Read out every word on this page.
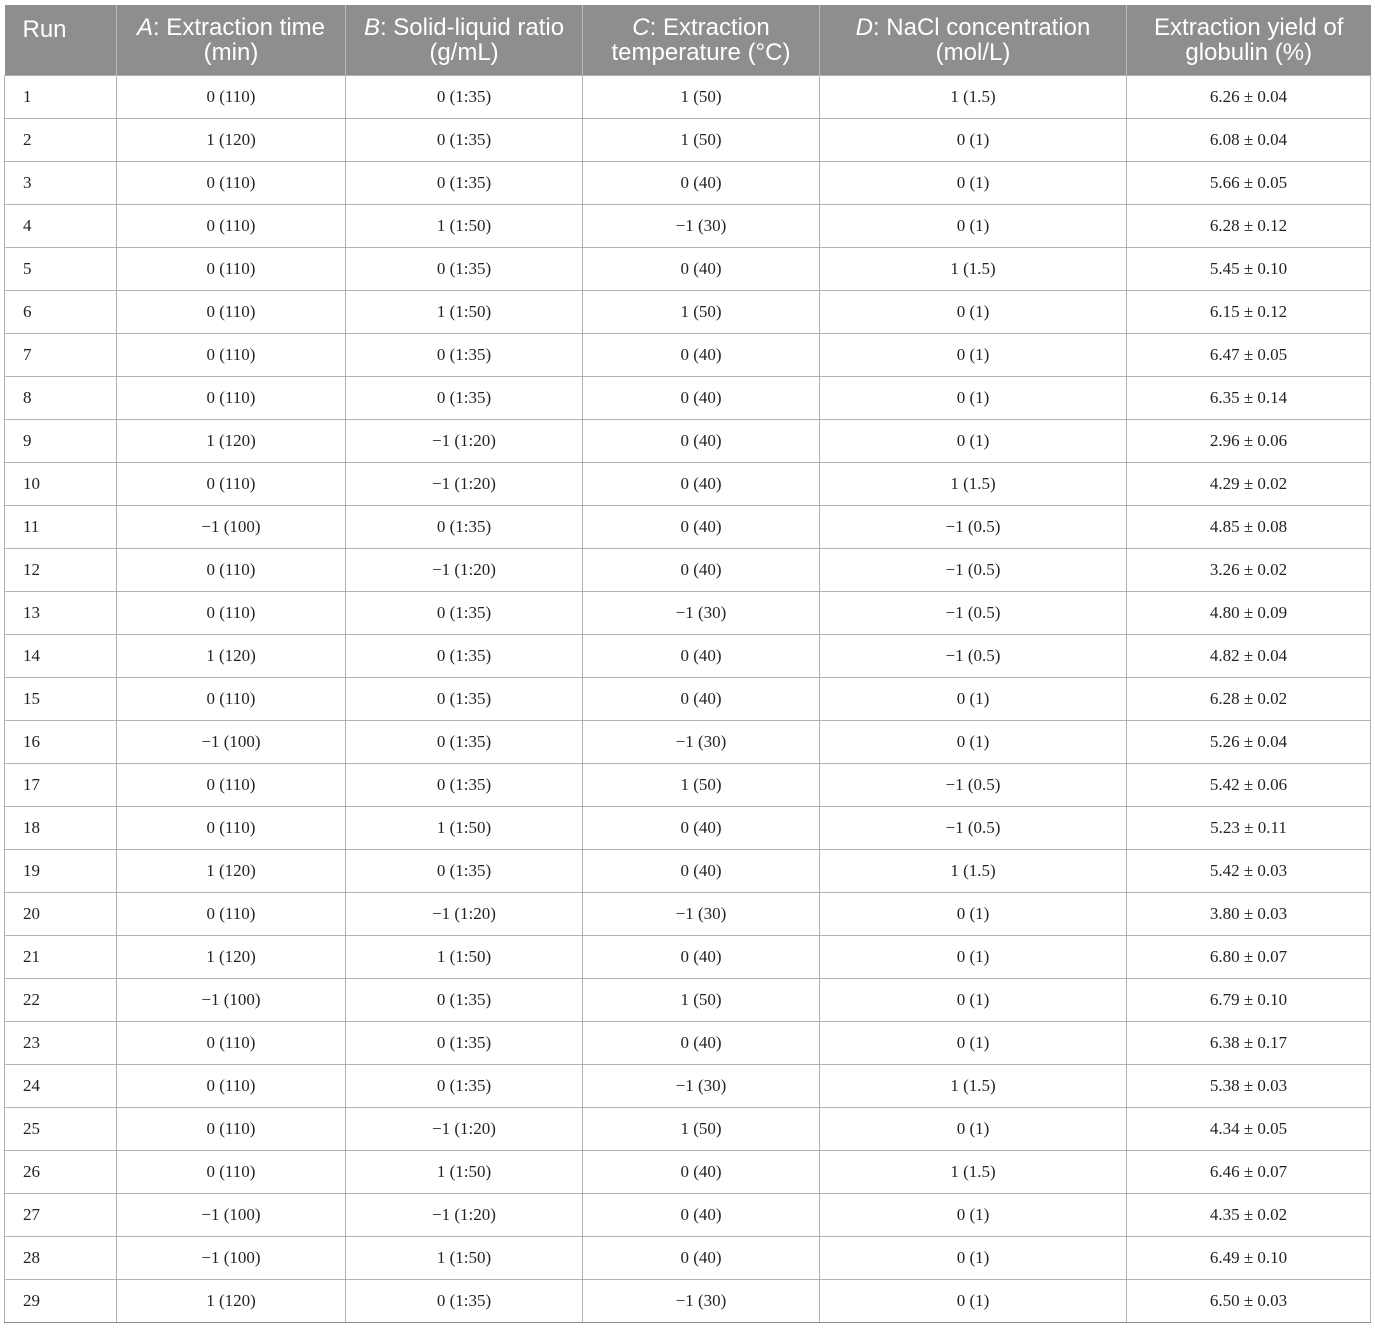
Run	A: Extraction time (min)	B: Solid-liquid ratio (g/mL)	C: Extraction temperature (°C)	D: NaCl concentration (mol/L)	Extraction yield of globulin (%)
1	0 (110)	0 (1:35)	1 (50)	1 (1.5)	6.26 ± 0.04
2	1 (120)	0 (1:35)	1 (50)	0 (1)	6.08 ± 0.04
3	0 (110)	0 (1:35)	0 (40)	0 (1)	5.66 ± 0.05
4	0 (110)	1 (1:50)	−1 (30)	0 (1)	6.28 ± 0.12
5	0 (110)	0 (1:35)	0 (40)	1 (1.5)	5.45 ± 0.10
6	0 (110)	1 (1:50)	1 (50)	0 (1)	6.15 ± 0.12
7	0 (110)	0 (1:35)	0 (40)	0 (1)	6.47 ± 0.05
8	0 (110)	0 (1:35)	0 (40)	0 (1)	6.35 ± 0.14
9	1 (120)	−1 (1:20)	0 (40)	0 (1)	2.96 ± 0.06
10	0 (110)	−1 (1:20)	0 (40)	1 (1.5)	4.29 ± 0.02
11	−1 (100)	0 (1:35)	0 (40)	−1 (0.5)	4.85 ± 0.08
12	0 (110)	−1 (1:20)	0 (40)	−1 (0.5)	3.26 ± 0.02
13	0 (110)	0 (1:35)	−1 (30)	−1 (0.5)	4.80 ± 0.09
14	1 (120)	0 (1:35)	0 (40)	−1 (0.5)	4.82 ± 0.04
15	0 (110)	0 (1:35)	0 (40)	0 (1)	6.28 ± 0.02
16	−1 (100)	0 (1:35)	−1 (30)	0 (1)	5.26 ± 0.04
17	0 (110)	0 (1:35)	1 (50)	−1 (0.5)	5.42 ± 0.06
18	0 (110)	1 (1:50)	0 (40)	−1 (0.5)	5.23 ± 0.11
19	1 (120)	0 (1:35)	0 (40)	1 (1.5)	5.42 ± 0.03
20	0 (110)	−1 (1:20)	−1 (30)	0 (1)	3.80 ± 0.03
21	1 (120)	1 (1:50)	0 (40)	0 (1)	6.80 ± 0.07
22	−1 (100)	0 (1:35)	1 (50)	0 (1)	6.79 ± 0.10
23	0 (110)	0 (1:35)	0 (40)	0 (1)	6.38 ± 0.17
24	0 (110)	0 (1:35)	−1 (30)	1 (1.5)	5.38 ± 0.03
25	0 (110)	−1 (1:20)	1 (50)	0 (1)	4.34 ± 0.05
26	0 (110)	1 (1:50)	0 (40)	1 (1.5)	6.46 ± 0.07
27	−1 (100)	−1 (1:20)	0 (40)	0 (1)	4.35 ± 0.02
28	−1 (100)	1 (1:50)	0 (40)	0 (1)	6.49 ± 0.10
29	1 (120)	0 (1:35)	−1 (30)	0 (1)	6.50 ± 0.03
